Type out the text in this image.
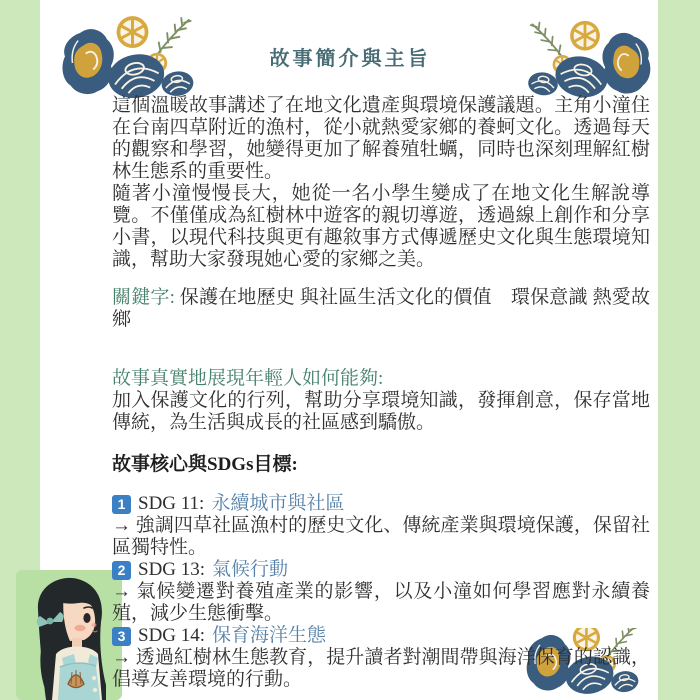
故事簡介與主旨

這個溫暖故事講述了在地文化遺產與環境保護議題。主角小潼住在台南四草附近的漁村，從小就熱愛家鄉的養蚵文化。透過每天的觀察和學習，她變得更加了解養殖牡蠣，同時也深刻理解紅樹林生態系的重要性。

隨著小潼慢慢長大，她從一名小學生變成了在地文化生解說導覽。不僅僅成為紅樹林中遊客的親切導遊，透過線上創作和分享小書，以現代科技與更有趣敘事方式傳遞歷史文化與生態環境知識，幫助大家發現她心愛的家鄉之美。

關鍵字: 保護在地歷史 與社區生活文化的價值　環保意識 熱愛故鄉

故事真實地展現年輕人如何能夠:

加入保護文化的行列，幫助分享環境知識，發揮創意，保存當地傳統，為生活與成長的社區感到驕傲。

故事核心與SDGs目標:

1 SDG 11: 永續城市與社區

→ 強調四草社區漁村的歷史文化、傳統產業與環境保護，保留社區獨特性。

2 SDG 13: 氣候行動

→ 氣候變遷對養殖產業的影響，以及小潼如何學習應對永續養殖，減少生態衝擊。

3 SDG 14: 保育海洋生態

→ 透過紅樹林生態教育，提升讀者對潮間帶與海洋保育的認識，倡導友善環境的行動。
